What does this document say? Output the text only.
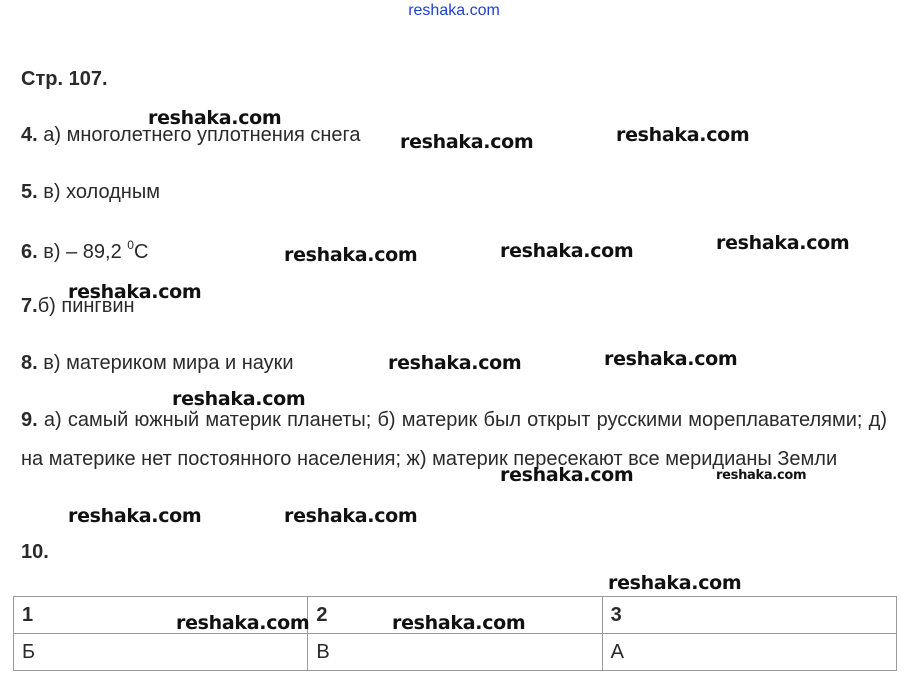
reshaka.com
Стр. 107.
4. а) многолетнего уплотнения снега
5. в) холодным
6. в) – 89,2 $^0$C
7.б) пингвин
8. в) материком мира и науки
9. а) самый южный материк планеты; б) материк был открыт русскими мореплавателями; д) на материке нет постоянного населения; ж) материк пересекают все меридианы Земли
10.
1	2	3
Б	В	А
reshaka.com
reshaka.com	reshaka.com
reshaka.com
reshaka.com
reshaka.com
reshaka.com
reshaka.com
reshaka.com
reshaka.com
reshaka.com	reshaka.com
reshaka.com	reshaka.com
reshaka.com
reshaka.com	reshaka.com
